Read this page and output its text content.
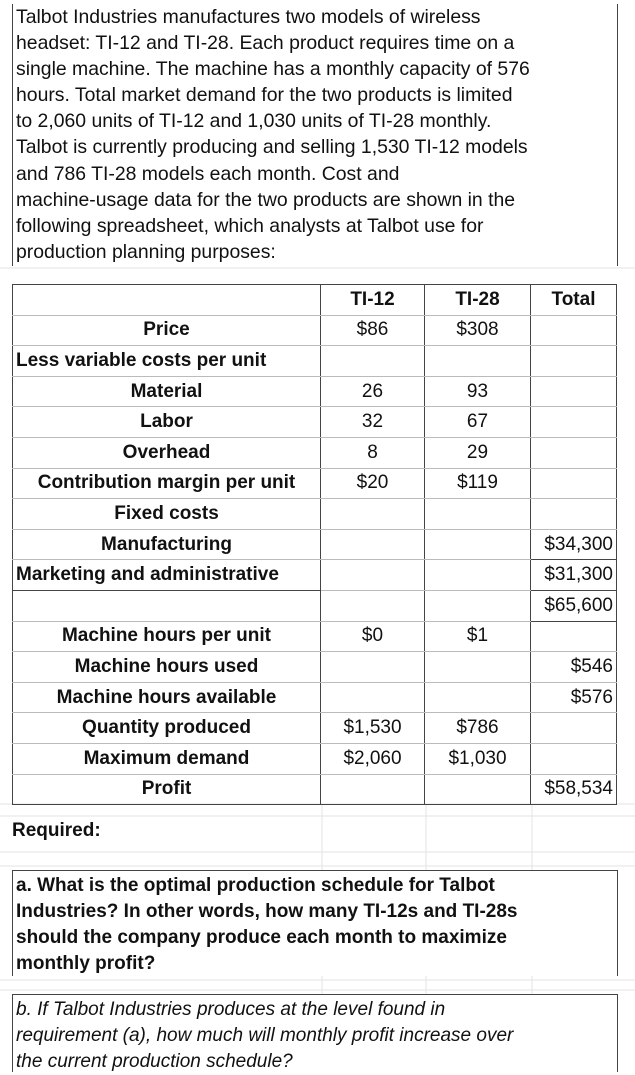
Talbot Industries manufactures two models of wireless

headset: TI-12 and TI-28. Each product requires time on a

single machine. The machine has a monthly capacity of 576

hours. Total market demand for the two products is limited

to 2,060 units of TI-12 and 1,030 units of TI-28 monthly.

Talbot is currently producing and selling 1,530 TI-12 models

and 786 TI-28 models each month. Cost and

machine-usage data for the two products are shown in the

following spreadsheet, which analysts at Talbot use for

production planning purposes:

	TI-12	TI-28	Total
Price	$86	$308	
Less variable costs per unit			
Material	26	93	
Labor	32	67	
Overhead	8	29	
Contribution margin per unit	$20	$119	
Fixed costs			
Manufacturing			$34,300
Marketing and administrative			$31,300
			$65,600
Machine hours per unit	$0	$1	
Machine hours used			$546
Machine hours available			$576
Quantity produced	$1,530	$786	
Maximum demand	$2,060	$1,030	
Profit			$58,534
Required:
a. What is the optimal production schedule for Talbot
Industries? In other words, how many TI-12s and TI-28s
should the company produce each month to maximize
monthly profit?
b. If Talbot Industries produces at the level found in
requirement (a), how much will monthly profit increase over
the current production schedule?
